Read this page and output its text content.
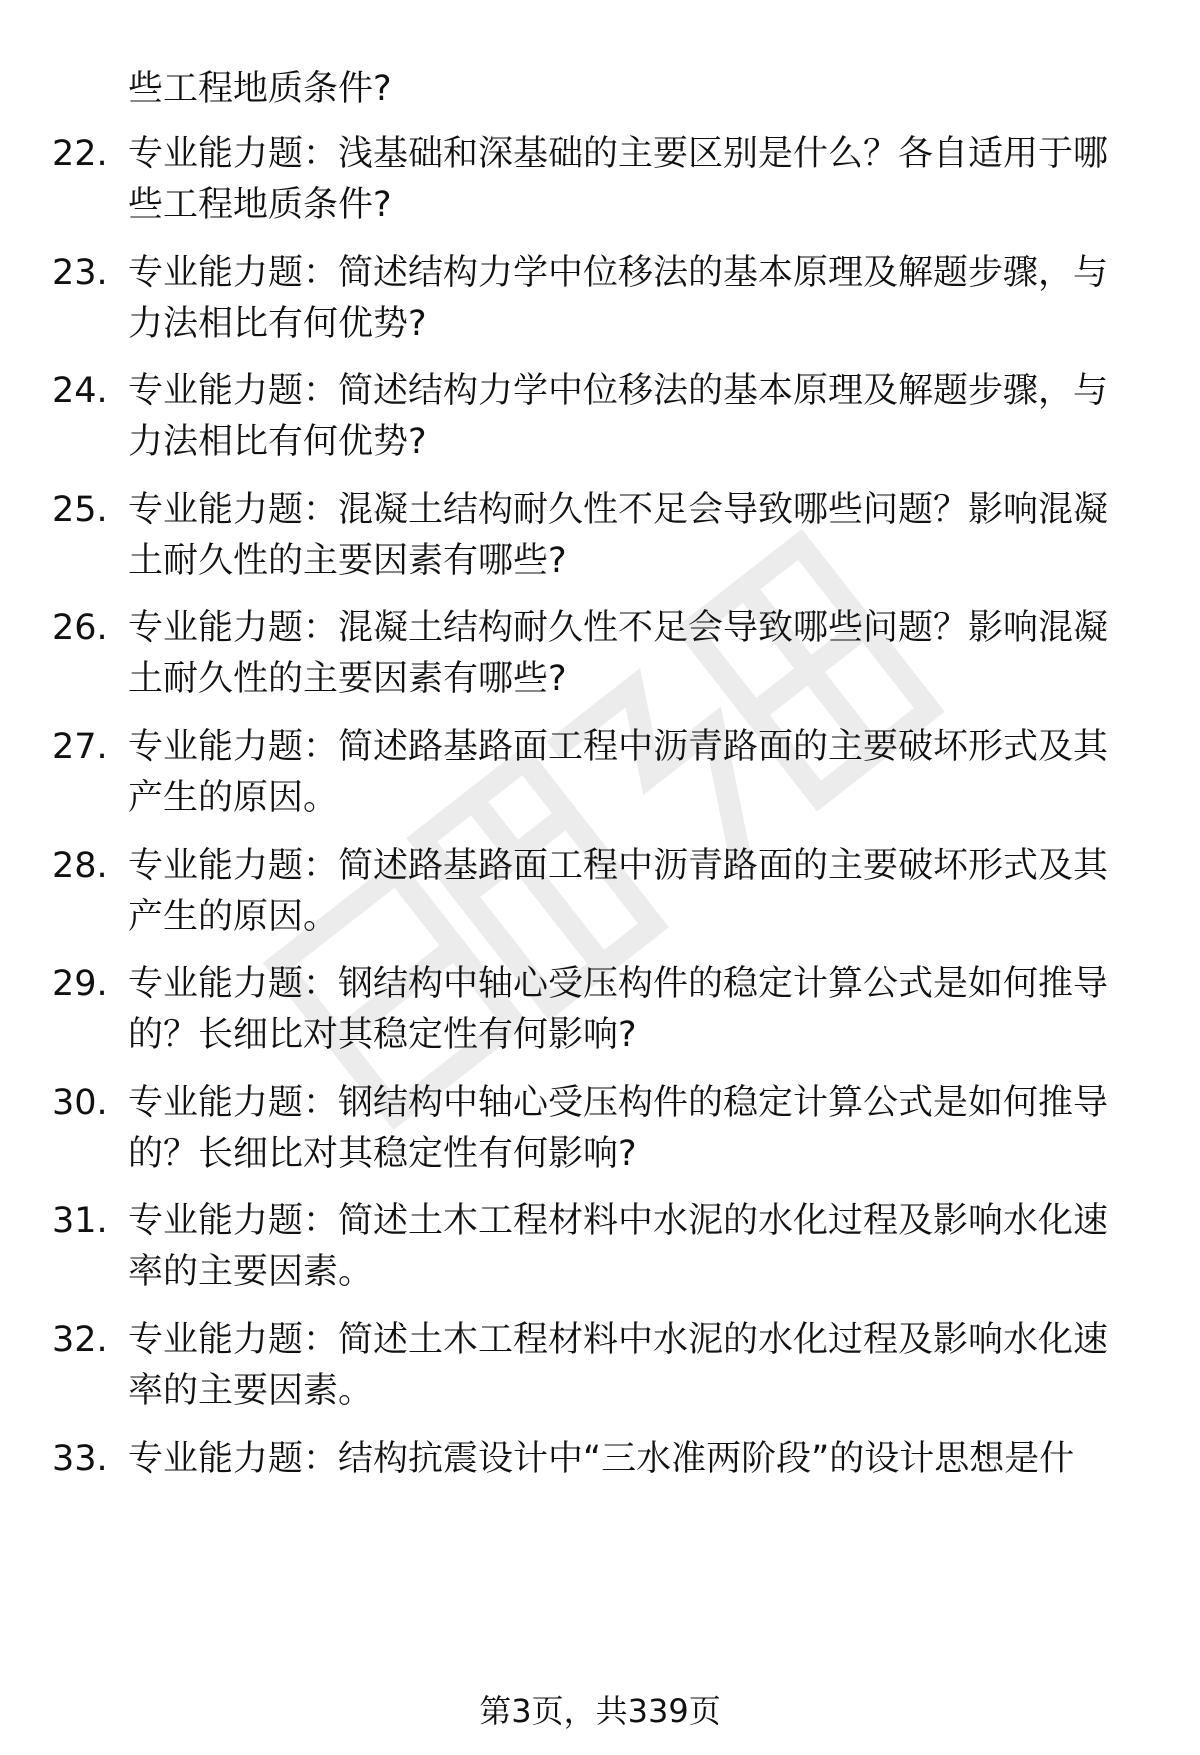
些工程地质条件?
22. 专业能力题：浅基础和深基础的主要区别是什么？各自适用于哪
些工程地质条件?
23. 专业能力题：简述结构力学中位移法的基本原理及解题步骤，与
力法相比有何优势?
24. 专业能力题：简述结构力学中位移法的基本原理及解题步骤，与
力法相比有何优势?
25. 专业能力题：混凝土结构耐久性不足会导致哪些问题？影响混凝
土耐久性的主要因素有哪些?
26. 专业能力题：混凝土结构耐久性不足会导致哪些问题？影响混凝
土耐久性的主要因素有哪些?
27. 专业能力题：简述路基路面工程中沥青路面的主要破坏形式及其
产生的原因。
28. 专业能力题：简述路基路面工程中沥青路面的主要破坏形式及其
产生的原因。
29. 专业能力题：钢结构中轴心受压构件的稳定计算公式是如何推导
的？长细比对其稳定性有何影响?
30. 专业能力题：钢结构中轴心受压构件的稳定计算公式是如何推导
的？长细比对其稳定性有何影响?
31. 专业能力题：简述土木工程材料中水泥的水化过程及影响水化速
率的主要因素。
32. 专业能力题：简述土木工程材料中水泥的水化过程及影响水化速
率的主要因素。
33. 专业能力题：结构抗震设计中“三水准两阶段”的设计思想是什
第3页，共339页
